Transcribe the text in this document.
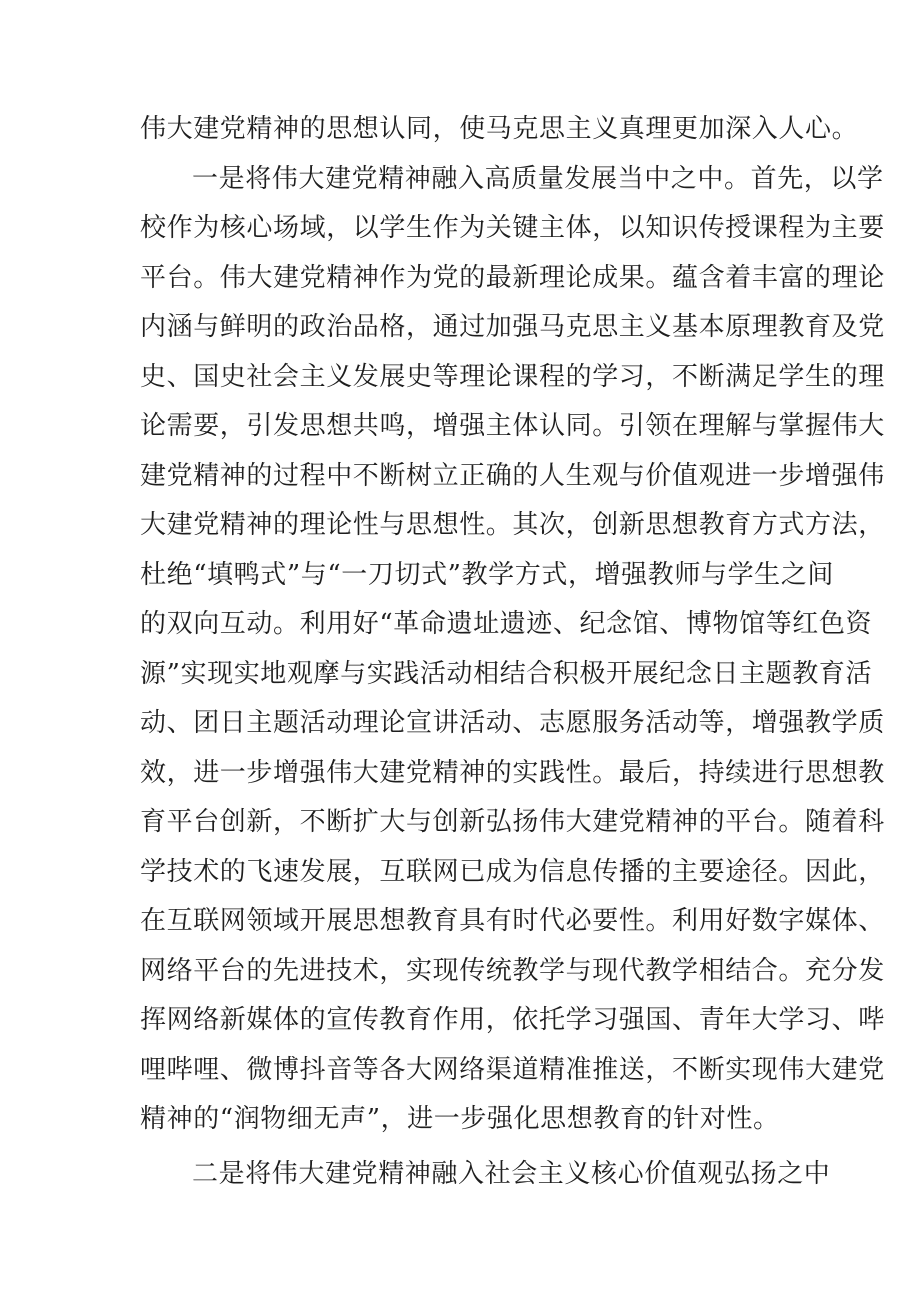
伟大建党精神的思想认同，使马克思主义真理更加深入人心。
一是将伟大建党精神融入高质量发展当中之中。首先，以学
校作为核心场域，以学生作为关键主体，以知识传授课程为主要
平台。伟大建党精神作为党的最新理论成果。蕴含着丰富的理论
内涵与鲜明的政治品格，通过加强马克思主义基本原理教育及党
史、国史社会主义发展史等理论课程的学习，不断满足学生的理
论需要，引发思想共鸣，增强主体认同。引领在理解与掌握伟大
建党精神的过程中不断树立正确的人生观与价值观进一步增强伟
大建党精神的理论性与思想性。其次，创新思想教育方式方法，
杜绝“填鸭式”与“一刀切式”教学方式，增强教师与学生之间
的双向互动。利用好“革命遗址遗迹、纪念馆、博物馆等红色资
源”实现实地观摩与实践活动相结合积极开展纪念日主题教育活
动、团日主题活动理论宣讲活动、志愿服务活动等，增强教学质
效，进一步增强伟大建党精神的实践性。最后，持续进行思想教
育平台创新，不断扩大与创新弘扬伟大建党精神的平台。随着科
学技术的飞速发展，互联网已成为信息传播的主要途径。因此，
在互联网领域开展思想教育具有时代必要性。利用好数字媒体、
网络平台的先进技术，实现传统教学与现代教学相结合。充分发
挥网络新媒体的宣传教育作用，依托学习强国、青年大学习、哔
哩哔哩、微博抖音等各大网络渠道精准推送，不断实现伟大建党
精神的“润物细无声”，进一步强化思想教育的针对性。
二是将伟大建党精神融入社会主义核心价值观弘扬之中
